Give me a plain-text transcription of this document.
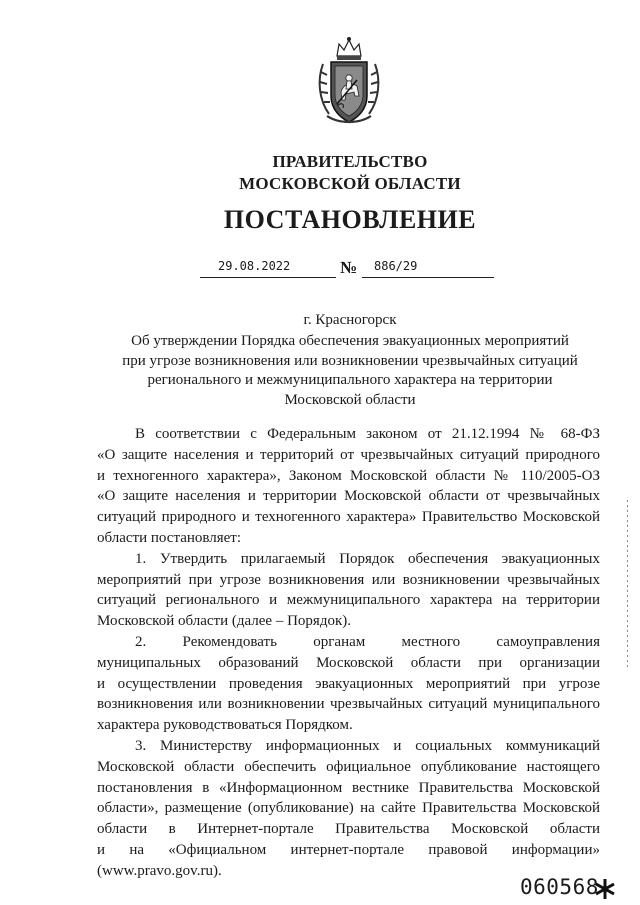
ПРАВИТЕЛЬСТВО
МОСКОВСКОЙ ОБЛАСТИ
ПОСТАНОВЛЕНИЕ
29.08.2022	№ 886/29
г. Красногорск
Об утверждении Порядка обеспечения эвакуационных мероприятий
при угрозе возникновения или возникновении чрезвычайных ситуаций
регионального и межмуниципального характера на территории
Московской области
В соответствии с Федеральным законом от 21.12.1994 № 68-ФЗ
«О защите населения и территорий от чрезвычайных ситуаций природного
и техногенного характера», Законом Московской области № 110/2005-ОЗ
«О защите населения и территории Московской области от чрезвычайных
ситуаций природного и техногенного характера» Правительство Московской
области постановляет:
1. Утвердить прилагаемый Порядок обеспечения эвакуационных
мероприятий при угрозе возникновения или возникновении чрезвычайных
ситуаций регионального и межмуниципального характера на территории
Московской области (далее – Порядок).
2. Рекомендовать органам местного самоуправления
муниципальных образований Московской области при организации
и осуществлении проведения эвакуационных мероприятий при угрозе
возникновения или возникновении чрезвычайных ситуаций муниципального
характера руководствоваться Порядком.
3. Министерству информационных и социальных коммуникаций
Московской области обеспечить официальное опубликование настоящего
постановления в «Информационном вестнике Правительства Московской
области», размещение (опубликование) на сайте Правительства Московской
области в Интернет-портале Правительства Московской области
и на «Официальном интернет-портале правовой информации»
(www.pravo.gov.ru).
060568
